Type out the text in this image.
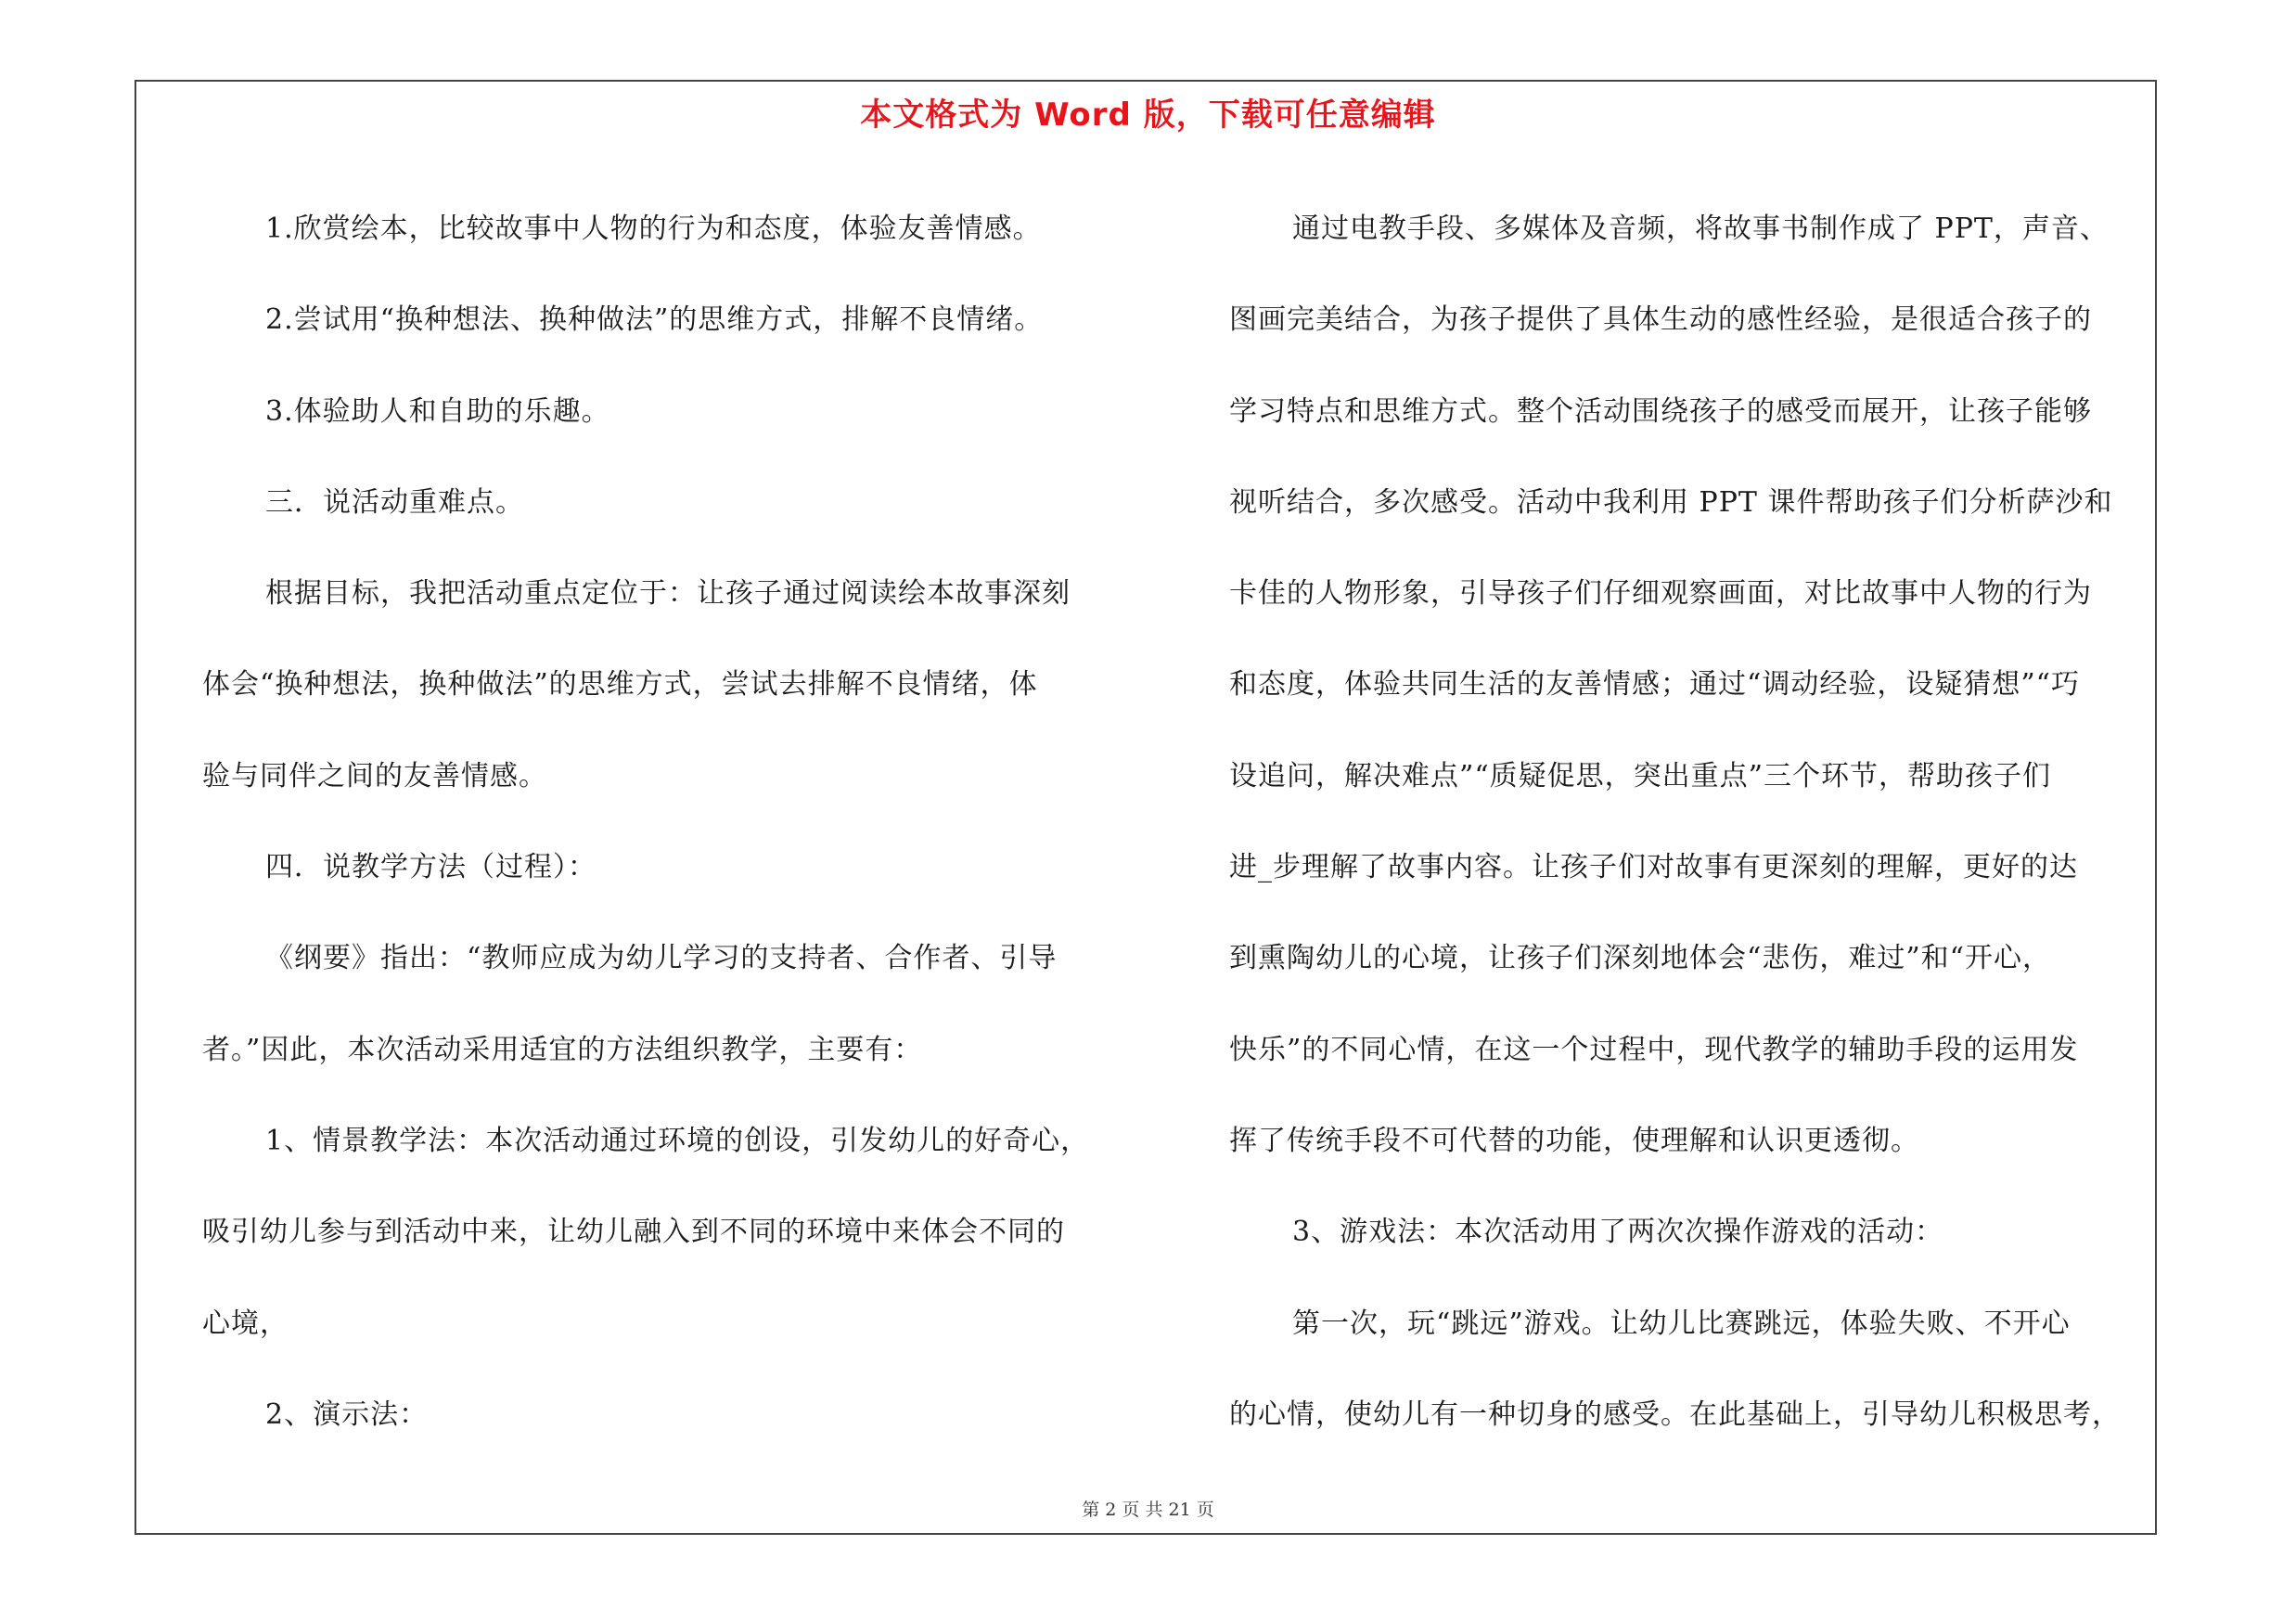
本文格式为 Word 版，下载可任意编辑
1.欣赏绘本，比较故事中人物的行为和态度，体验友善情感。
2.尝试用“换种想法、换种做法”的思维方式，排解不良情绪。
3.体验助人和自助的乐趣。
三．说活动重难点。
根据目标，我把活动重点定位于：让孩子通过阅读绘本故事深刻
体会“换种想法，换种做法”的思维方式，尝试去排解不良情绪，体
验与同伴之间的友善情感。
四．说教学方法（过程）：
《纲要》指出：“教师应成为幼儿学习的支持者、合作者、引导
者。”因此，本次活动采用适宜的方法组织教学，主要有：
1、情景教学法：本次活动通过环境的创设，引发幼儿的好奇心，
吸引幼儿参与到活动中来，让幼儿融入到不同的环境中来体会不同的
心境，
2、演示法：
通过电教手段、多媒体及音频，将故事书制作成了 PPT，声音、
图画完美结合，为孩子提供了具体生动的感性经验，是很适合孩子的
学习特点和思维方式。整个活动围绕孩子的感受而展开，让孩子能够
视听结合，多次感受。活动中我利用 PPT 课件帮助孩子们分析萨沙和
卡佳的人物形象，引导孩子们仔细观察画面，对比故事中人物的行为
和态度，体验共同生活的友善情感；通过“调动经验，设疑猜想”“巧
设追问，解决难点”“质疑促思，突出重点”三个环节，帮助孩子们
进_步理解了故事内容。让孩子们对故事有更深刻的理解，更好的达
到熏陶幼儿的心境，让孩子们深刻地体会“悲伤，难过”和“开心，
快乐”的不同心情，在这一个过程中，现代教学的辅助手段的运用发
挥了传统手段不可代替的功能，使理解和认识更透彻。
3、游戏法：本次活动用了两次次操作游戏的活动：
第一次，玩“跳远”游戏。让幼儿比赛跳远，体验失败、不开心
的心情，使幼儿有一种切身的感受。在此基础上，引导幼儿积极思考，
第 2 页 共 21 页
